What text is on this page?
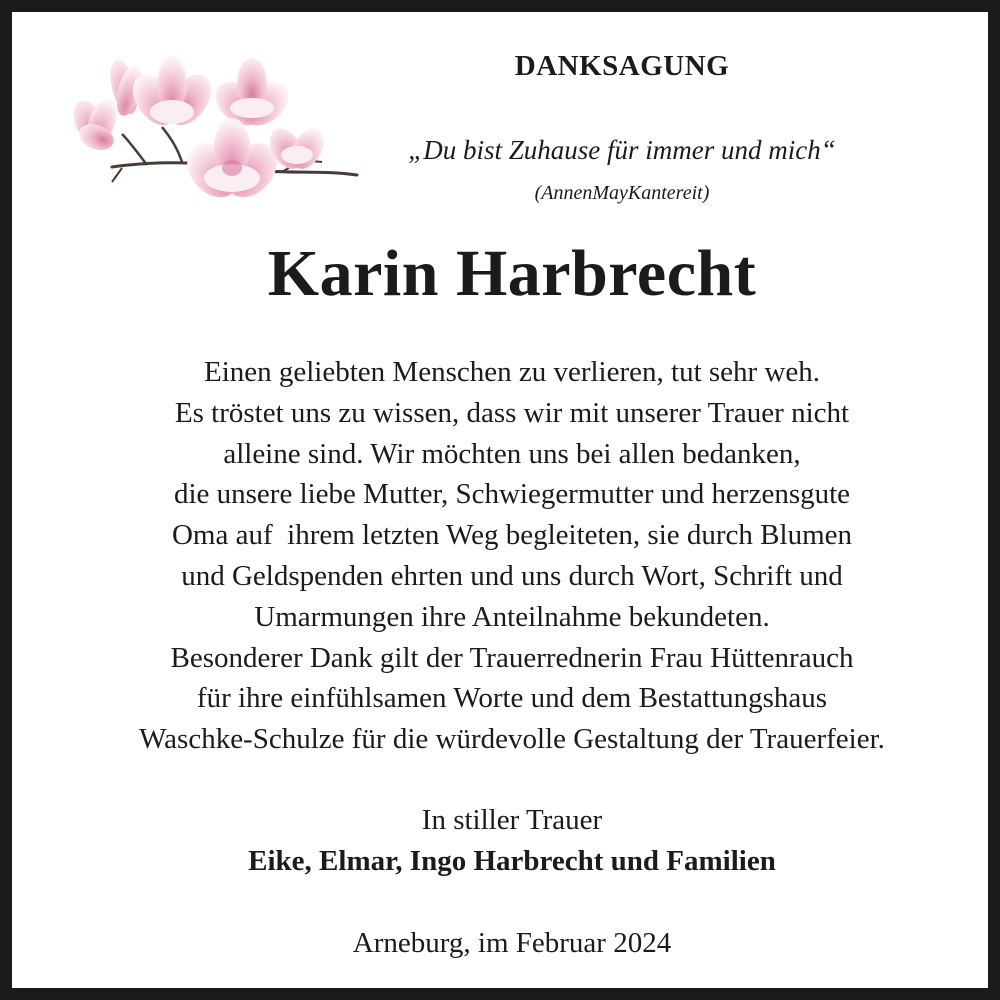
DANKSAGUNG
„Du bist Zuhause für immer und mich“
(AnnenMayKantereit)
Karin Harbrecht
Einen geliebten Menschen zu verlieren, tut sehr weh.
Es tröstet uns zu wissen, dass wir mit unserer Trauer nicht
alleine sind. Wir möchten uns bei allen bedanken,
die unsere liebe Mutter, Schwiegermutter und herzensgute
Oma auf  ihrem letzten Weg begleiteten, sie durch Blumen
und Geldspenden ehrten und uns durch Wort, Schrift und
Umarmungen ihre Anteilnahme bekundeten.
Besonderer Dank gilt der Trauerrednerin Frau Hüttenrauch
für ihre einfühlsamen Worte und dem Bestattungshaus
Waschke-Schulze für die würdevolle Gestaltung der Trauerfeier.
In stiller Trauer
Eike, Elmar, Ingo Harbrecht und Familien
Arneburg, im Februar 2024
